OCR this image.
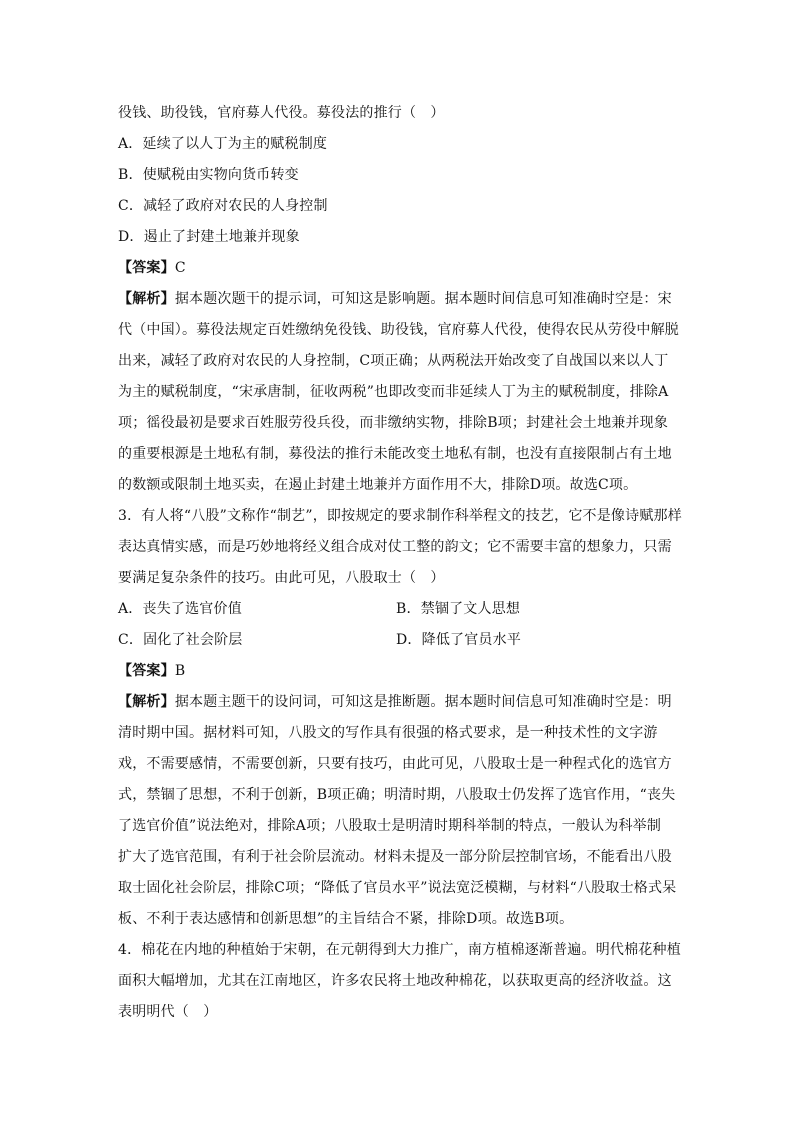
役钱、助役钱，官府募人代役。募役法的推行（　）
A．延续了以人丁为主的赋税制度
B．使赋税由实物向货币转变
C．减轻了政府对农民的人身控制
D．遏止了封建土地兼并现象
【答案】C
【解析】据本题次题干的提示词，可知这是影响题。据本题时间信息可知准确时空是：宋
代（中国）。募役法规定百姓缴纳免役钱、助役钱，官府募人代役，使得农民从劳役中解脱
出来，减轻了政府对农民的人身控制，C项正确；从两税法开始改变了自战国以来以人丁
为主的赋税制度，“宋承唐制，征收两税”也即改变而非延续人丁为主的赋税制度，排除A
项；徭役最初是要求百姓服劳役兵役，而非缴纳实物，排除B项；封建社会土地兼并现象
的重要根源是土地私有制，募役法的推行未能改变土地私有制，也没有直接限制占有土地
的数额或限制土地买卖，在遏止封建土地兼并方面作用不大，排除D项。故选C项。
3．有人将“八股”文称作“制艺”，即按规定的要求制作科举程文的技艺，它不是像诗赋那样
表达真情实感，而是巧妙地将经义组合成对仗工整的韵文；它不需要丰富的想象力，只需
要满足复杂条件的技巧。由此可见，八股取士（　）
A．丧失了选官价值	B．禁锢了文人思想
C．固化了社会阶层	D．降低了官员水平
【答案】B
【解析】据本题主题干的设问词，可知这是推断题。据本题时间信息可知准确时空是：明
清时期中国。据材料可知，八股文的写作具有很强的格式要求，是一种技术性的文字游
戏，不需要感情，不需要创新，只要有技巧，由此可见，八股取士是一种程式化的选官方
式，禁锢了思想，不利于创新，B项正确；明清时期，八股取士仍发挥了选官作用，“丧失
了选官价值”说法绝对，排除A项；八股取士是明清时期科举制的特点，一般认为科举制
扩大了选官范围，有利于社会阶层流动。材料未提及一部分阶层控制官场，不能看出八股
取士固化社会阶层，排除C项；“降低了官员水平”说法宽泛模糊，与材料“八股取士格式呆
板、不利于表达感情和创新思想”的主旨结合不紧，排除D项。故选B项。
4．棉花在内地的种植始于宋朝，在元朝得到大力推广，南方植棉逐渐普遍。明代棉花种植
面积大幅增加，尤其在江南地区，许多农民将土地改种棉花，以获取更高的经济收益。这
表明明代（　）
